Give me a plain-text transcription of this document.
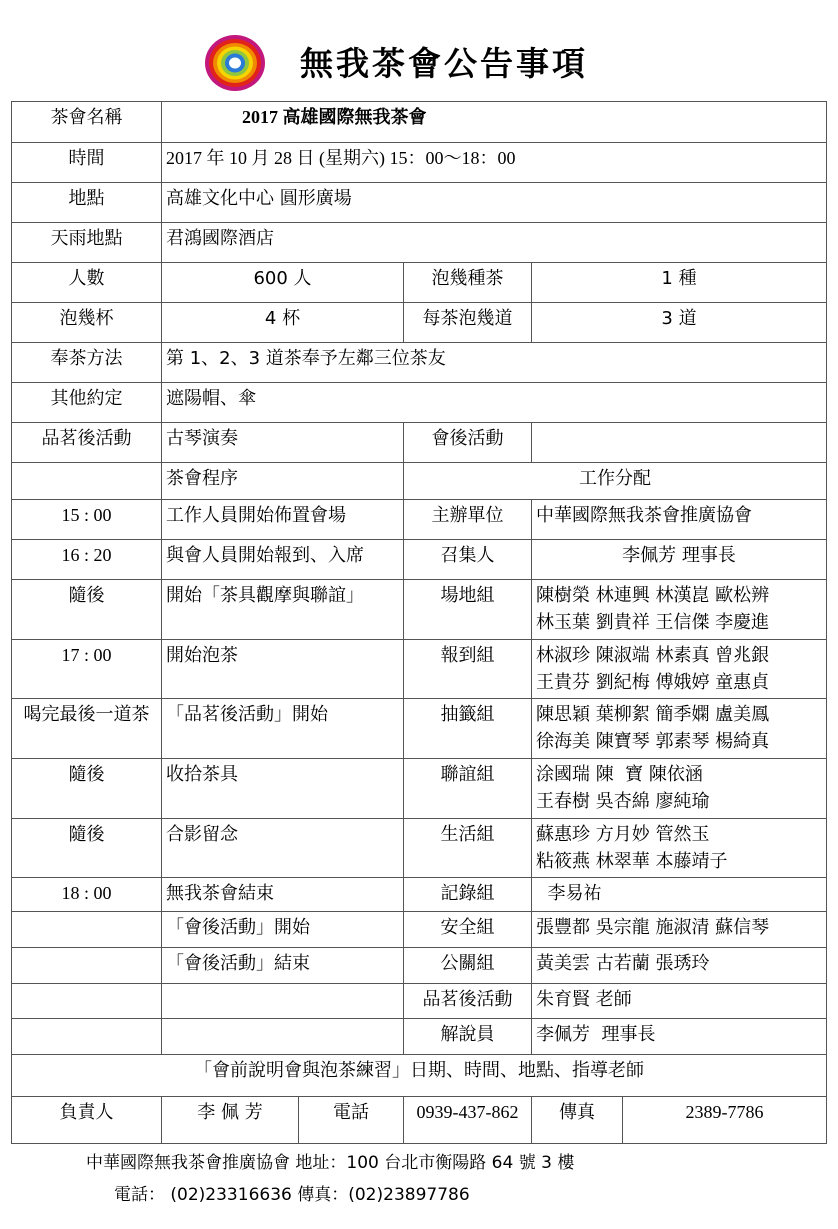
無我茶會公告事項
茶會名稱	2017 高雄國際無我茶會				
時間	2017 年 10 月 28 日 (星期六) 15：00～18：00				
地點	高雄文化中心 圓形廣場				
天雨地點	君鴻國際酒店				
人數	600 人		泡幾種茶	1 種	
泡幾杯	4 杯		每茶泡幾道	3 道	
奉茶方法	第 1、2、3 道茶奉予左鄰三位茶友				
其他約定	遮陽帽、傘				
品茗後活動	古琴演奏		會後活動		
	茶會程序		工作分配		
15 : 00	工作人員開始佈置會場		主辦單位	中華國際無我茶會推廣協會	

16 : 20	與會人員開始報到、入席		召集人	李佩芳 理事長	

隨後	開始「茶具觀摩與聯誼」		場地組	陳樹榮 林連興 林漢崑 歐松辨
林玉葉 劉貴祥 王信傑 李慶進	

17 : 00	開始泡茶		報到組	林淑珍 陳淑端 林素真 曾兆銀
王貴芬 劉紀梅 傅娥婷 童惠貞	

喝完最後一道茶	「品茗後活動」開始		抽籤組	陳思穎 葉柳絮 簡季嫻 盧美鳳
徐海美 陳寶琴 郭素琴 楊綺真	

隨後	收拾茶具		聯誼組	涂國瑞 陳  寶 陳依涵
王春樹 吳杏綿 廖純瑜	

隨後	合影留念		生活組	蘇惠珍 方月妙 管然玉
粘筱燕 林翠華 本藤靖子	

18 : 00	無我茶會結束		記錄組	李易祐	

	「會後活動」開始		安全組	張豐都 吳宗龍 施淑清 蘇信琴	

	「會後活動」結束		公關組	黃美雲 古若蘭 張琇玲	

			品茗後活動	朱育賢 老師	

			解說員	李佩芳  理事長	

「會前說明會與泡茶練習」日期、時間、地點、指導老師					
負責人	李 佩 芳	電話	0939-437-862	傳真	2389-7786
中華國際無我茶會推廣協會 地址：100 台北市衡陽路 64 號 3 樓
電話： (02)23316636 傳真：(02)23897786
